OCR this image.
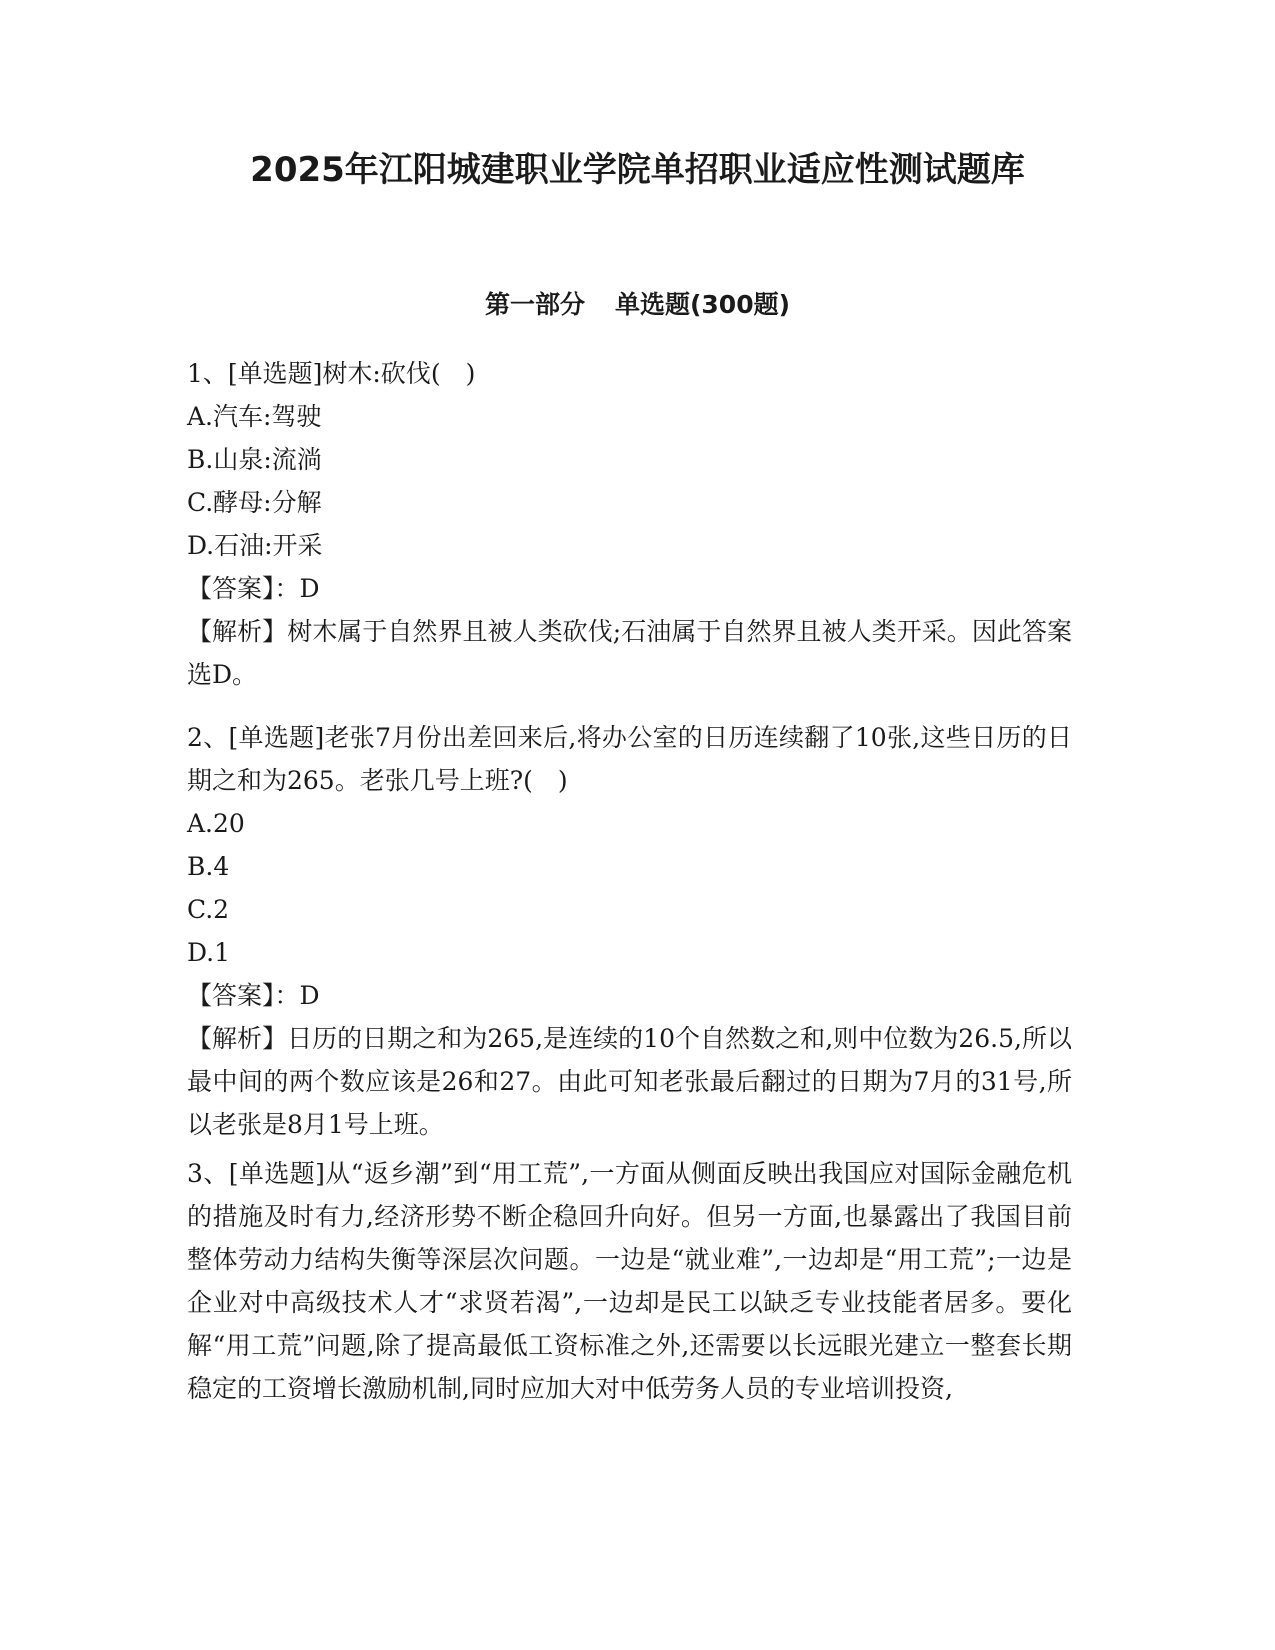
2025年江阳城建职业学院单招职业适应性测试题库
第一部分 单选题(300题)

1、[单选题]树木:砍伐(　)

A.汽车:驾驶

B.山泉:流淌

C.酵母:分解

D.石油:开采

【答案】：D

【解析】树木属于自然界且被人类砍伐;石油属于自然界且被人类开采。因此答案选D。

2、[单选题]老张7月份出差回来后,将办公室的日历连续翻了10张,这些日历的日期之和为265。老张几号上班?(　)

A.20

B.4

C.2

D.1

【答案】：D

【解析】日历的日期之和为265,是连续的10个自然数之和,则中位数为26.5,所以最中间的两个数应该是26和27。由此可知老张最后翻过的日期为7月的31号,所以老张是8月1号上班。

3、[单选题]从“返乡潮”到“用工荒”,一方面从侧面反映出我国应对国际金融危机的措施及时有力,经济形势不断企稳回升向好。但另一方面,也暴露出了我国目前整体劳动力结构失衡等深层次问题。一边是“就业难”,一边却是“用工荒”;一边是企业对中高级技术人才“求贤若渴”,一边却是民工以缺乏专业技能者居多。要化解“用工荒”问题,除了提高最低工资标准之外,还需要以长远眼光建立一整套长期稳定的工资增长激励机制,同时应加大对中低劳务人员的专业培训投资,
